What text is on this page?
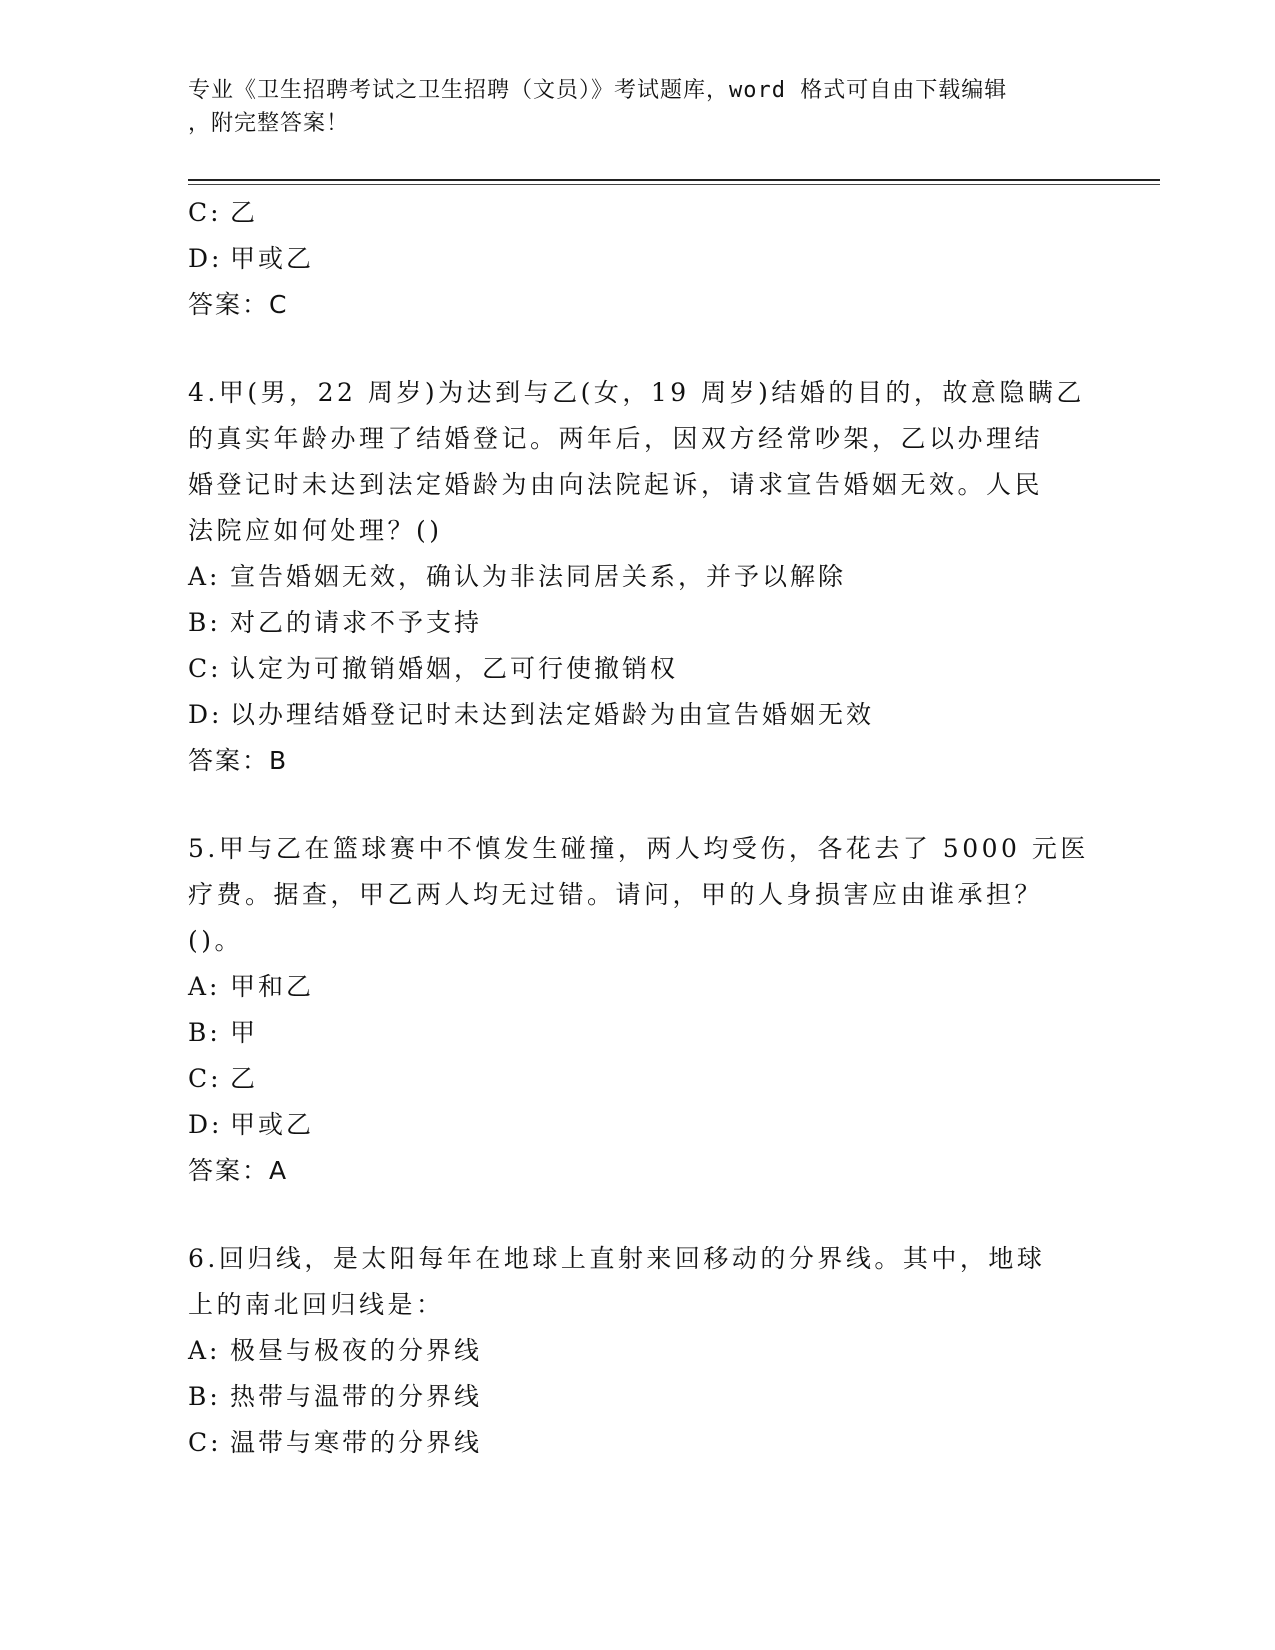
专业《卫生招聘考试之卫生招聘（文员）》考试题库，word 格式可自由下载编辑
，附完整答案！
C: 乙
D: 甲或乙
答案：C
4.甲(男，22 周岁)为达到与乙(女，19 周岁)结婚的目的，故意隐瞒乙
的真实年龄办理了结婚登记。两年后，因双方经常吵架，乙以办理结
婚登记时未达到法定婚龄为由向法院起诉，请求宣告婚姻无效。人民
法院应如何处理？()
A: 宣告婚姻无效，确认为非法同居关系，并予以解除
B: 对乙的请求不予支持
C: 认定为可撤销婚姻，乙可行使撤销权
D: 以办理结婚登记时未达到法定婚龄为由宣告婚姻无效
答案：B
5.甲与乙在篮球赛中不慎发生碰撞，两人均受伤，各花去了 5000 元医
疗费。据查，甲乙两人均无过错。请问，甲的人身损害应由谁承担？
()。
A: 甲和乙
B: 甲
C: 乙
D: 甲或乙
答案：A
6.回归线，是太阳每年在地球上直射来回移动的分界线。其中，地球
上的南北回归线是：
A: 极昼与极夜的分界线
B: 热带与温带的分界线
C: 温带与寒带的分界线
